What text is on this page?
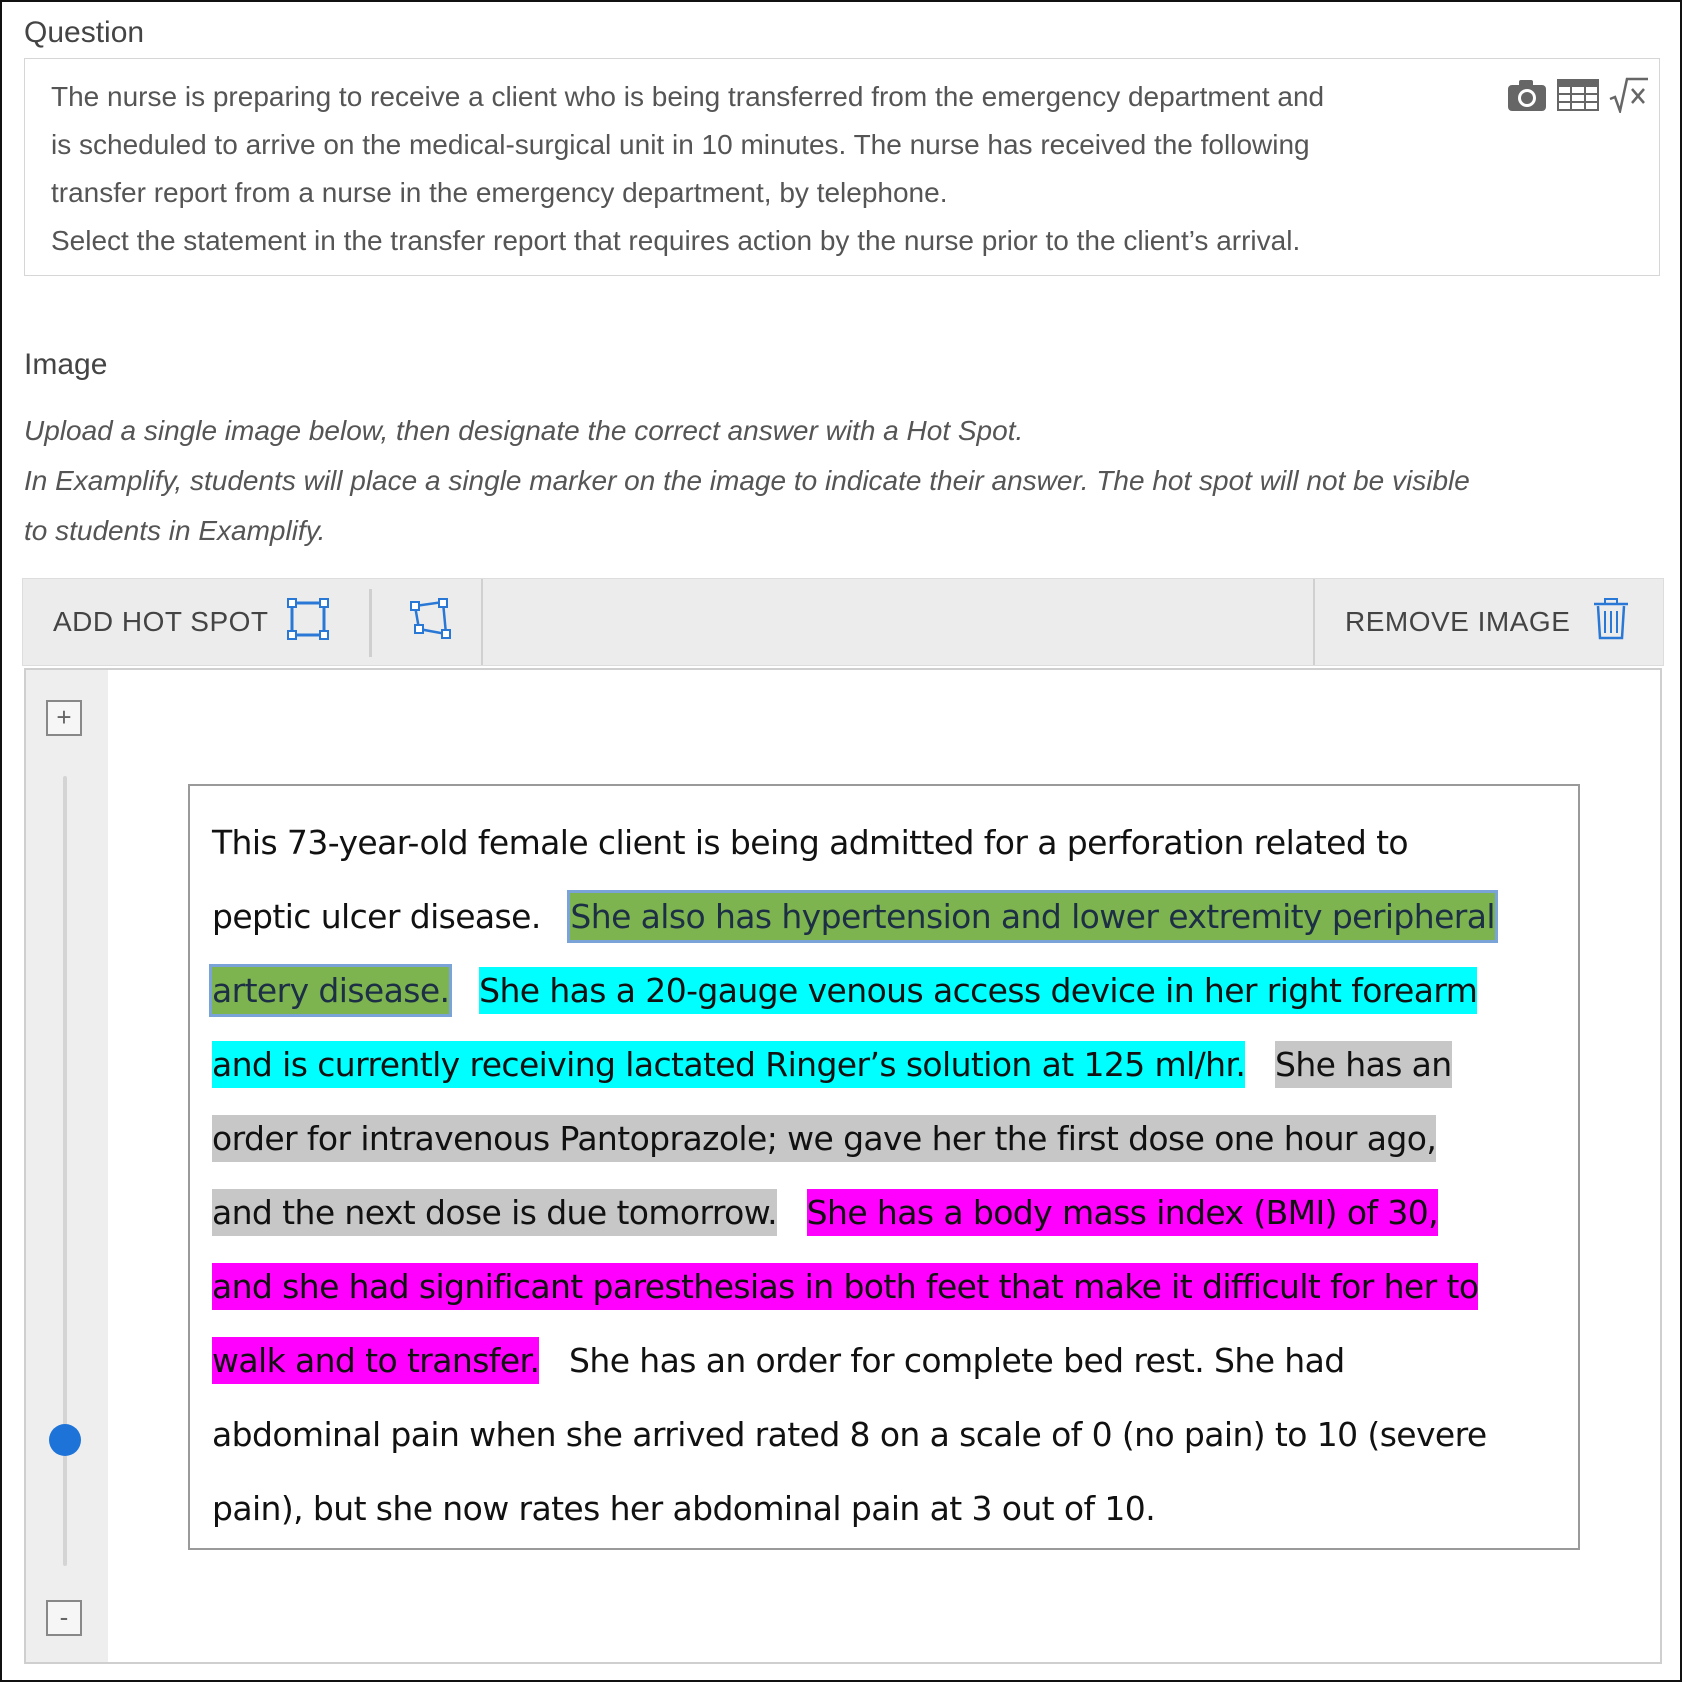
Question
The nurse is preparing to receive a client who is being transferred from the emergency department and
is scheduled to arrive on the medical-surgical unit in 10 minutes. The nurse has received the following
transfer report from a nurse in the emergency department, by telephone.
Select the statement in the transfer report that requires action by the nurse prior to the client’s arrival.
Image
Upload a single image below, then designate the correct answer with a Hot Spot.
In Examplify, students will place a single marker on the image to indicate their answer. The hot spot will not be visible
to students in Examplify.
ADD HOT SPOT	REMOVE IMAGE
+
-
This 73-year-old female client is being admitted for a perforation related to
peptic ulcer disease. She also has hypertension and lower extremity peripheral
artery disease. She has a 20-gauge venous access device in her right forearm
and is currently receiving lactated Ringer’s solution at 125 ml/hr. She has an
order for intravenous Pantoprazole; we gave her the first dose one hour ago,
and the next dose is due tomorrow. She has a body mass index (BMI) of 30,
and she had significant paresthesias in both feet that make it difficult for her to
walk and to transfer. She has an order for complete bed rest. She had
abdominal pain when she arrived rated 8 on a scale of 0 (no pain) to 10 (severe
pain), but she now rates her abdominal pain at 3 out of 10.
